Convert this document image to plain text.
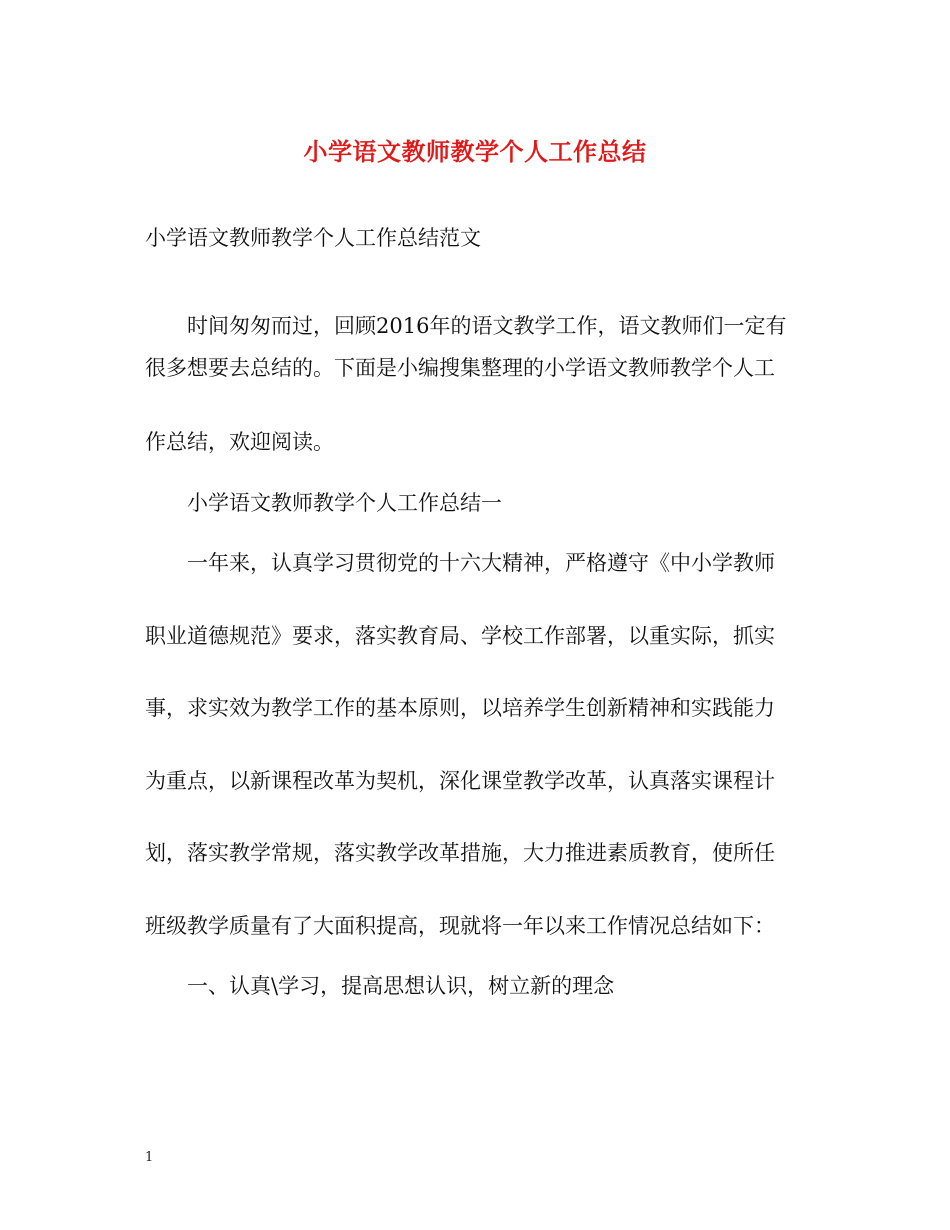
小学语文教师教学个人工作总结
小学语文教师教学个人工作总结范文
时间匆匆而过，回顾2016年的语文教学工作，语文教师们一定有
很多想要去总结的。下面是小编搜集整理的小学语文教师教学个人工
作总结，欢迎阅读。
小学语文教师教学个人工作总结一
一年来，认真学习贯彻党的十六大精神，严格遵守《中小学教师
职业道德规范》要求，落实教育局、学校工作部署，以重实际，抓实
事，求实效为教学工作的基本原则，以培养学生创新精神和实践能力
为重点，以新课程改革为契机，深化课堂教学改革，认真落实课程计
划，落实教学常规，落实教学改革措施，大力推进素质教育，使所任
班级教学质量有了大面积提高，现就将一年以来工作情况总结如下：
一、认真\学习，提高思想认识，树立新的理念
1
